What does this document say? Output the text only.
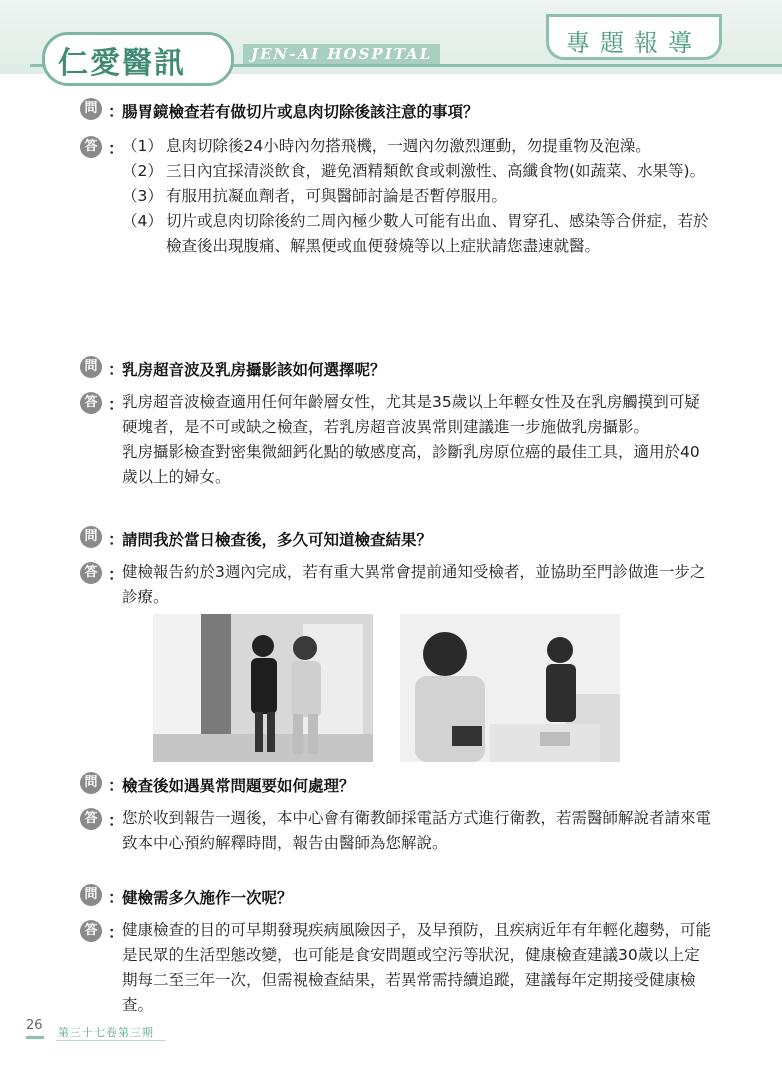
仁愛醫訊	JEN-AI HOSPITAL	專題報導
問 ：
腸胃鏡檢查若有做切片或息肉切除後該注意的事項？
答 ：
（1） 息肉切除後24小時內勿搭飛機，一週內勿激烈運動，勿提重物及泡澡。
（2） 三日內宜採清淡飲食，避免酒精類飲食或刺激性、高纖食物(如蔬菜、水果等)。
（3） 有服用抗凝血劑者，可與醫師討論是否暫停服用。
（4） 切片或息肉切除後約二周內極少數人可能有出血、胃穿孔、感染等合併症，若於檢查後出現腹痛、解黑便或血便發燒等以上症狀請您盡速就醫。
問 ：
乳房超音波及乳房攝影該如何選擇呢？
答 ：
乳房超音波檢查適用任何年齡層女性，尤其是35歲以上年輕女性及在乳房觸摸到可疑硬塊者，是不可或缺之檢查，若乳房超音波異常則建議進一步施做乳房攝影。
乳房攝影檢查對密集微細鈣化點的敏感度高，診斷乳房原位癌的最佳工具，適用於40歲以上的婦女。
問 ：
請問我於當日檢查後，多久可知道檢查結果？
答 ：
健檢報告約於3週內完成，若有重大異常會提前通知受檢者，並協助至門診做進一步之診療。
問 ：
檢查後如遇異常問題要如何處理？
答 ：
您於收到報告一週後，本中心會有衛教師採電話方式進行衛教，若需醫師解說者請來電致本中心預約解釋時間，報告由醫師為您解說。
問 ：
健檢需多久施作一次呢？
答 ：
健康檢查的目的可早期發現疾病風險因子，及早預防，且疾病近年有年輕化趨勢，可能是民眾的生活型態改變，也可能是食安問題或空污等狀況，健康檢查建議30歲以上定期每二至三年一次，但需視檢查結果，若異常需持續追蹤，建議每年定期接受健康檢查。
26 第三十七卷第三期
